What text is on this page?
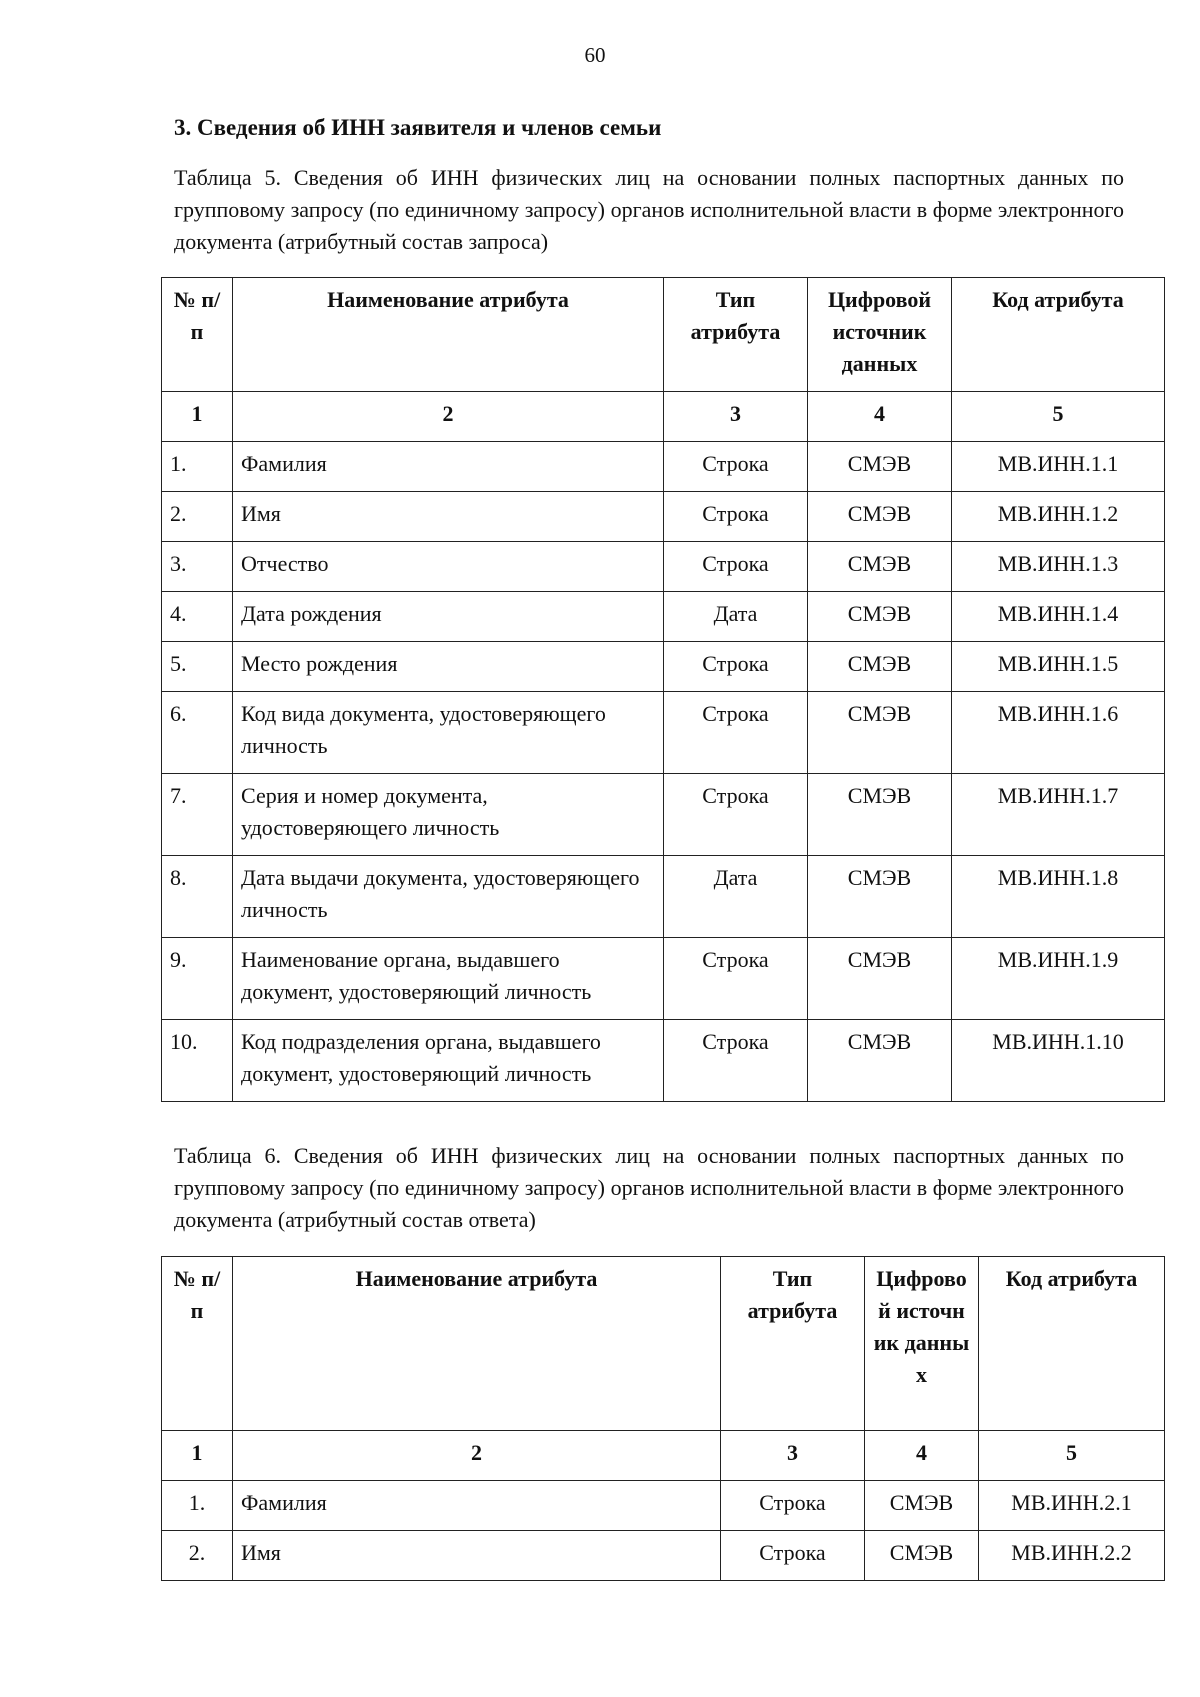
60
3. Сведения об ИНН заявителя и членов семьи
Таблица 5. Сведения об ИНН физических лиц на основании полных паспортных данных по групповому запросу (по единичному запросу) органов исполнительной власти в форме электронного документа (атрибутный состав запроса)
№ п/п	Наименование атрибута	Тип атрибута	Цифровой источник данных	Код атрибута
1	2	3	4	5
1.	Фамилия	Строка	СМЭВ	МВ.ИНН.1.1
2.	Имя	Строка	СМЭВ	МВ.ИНН.1.2
3.	Отчество	Строка	СМЭВ	МВ.ИНН.1.3
4.	Дата рождения	Дата	СМЭВ	МВ.ИНН.1.4
5.	Место рождения	Строка	СМЭВ	МВ.ИНН.1.5
6.	Код вида документа, удостоверяющего личность	Строка	СМЭВ	МВ.ИНН.1.6
7.	Серия и номер документа, удостоверяющего личность	Строка	СМЭВ	МВ.ИНН.1.7
8.	Дата выдачи документа, удостоверяющего личность	Дата	СМЭВ	МВ.ИНН.1.8
9.	Наименование органа, выдавшего документ, удостоверяющий личность	Строка	СМЭВ	МВ.ИНН.1.9
10.	Код подразделения органа, выдавшего документ, удостоверяющий личность	Строка	СМЭВ	МВ.ИНН.1.10
Таблица 6. Сведения об ИНН физических лиц на основании полных паспортных данных по групповому запросу (по единичному запросу) органов исполнительной власти в форме электронного документа (атрибутный состав ответа)
№ п/п	Наименование атрибута	Тип атрибута	Цифровой источник данных	Код атрибута
1	2	3	4	5
1.	Фамилия	Строка	СМЭВ	МВ.ИНН.2.1
2.	Имя	Строка	СМЭВ	МВ.ИНН.2.2
